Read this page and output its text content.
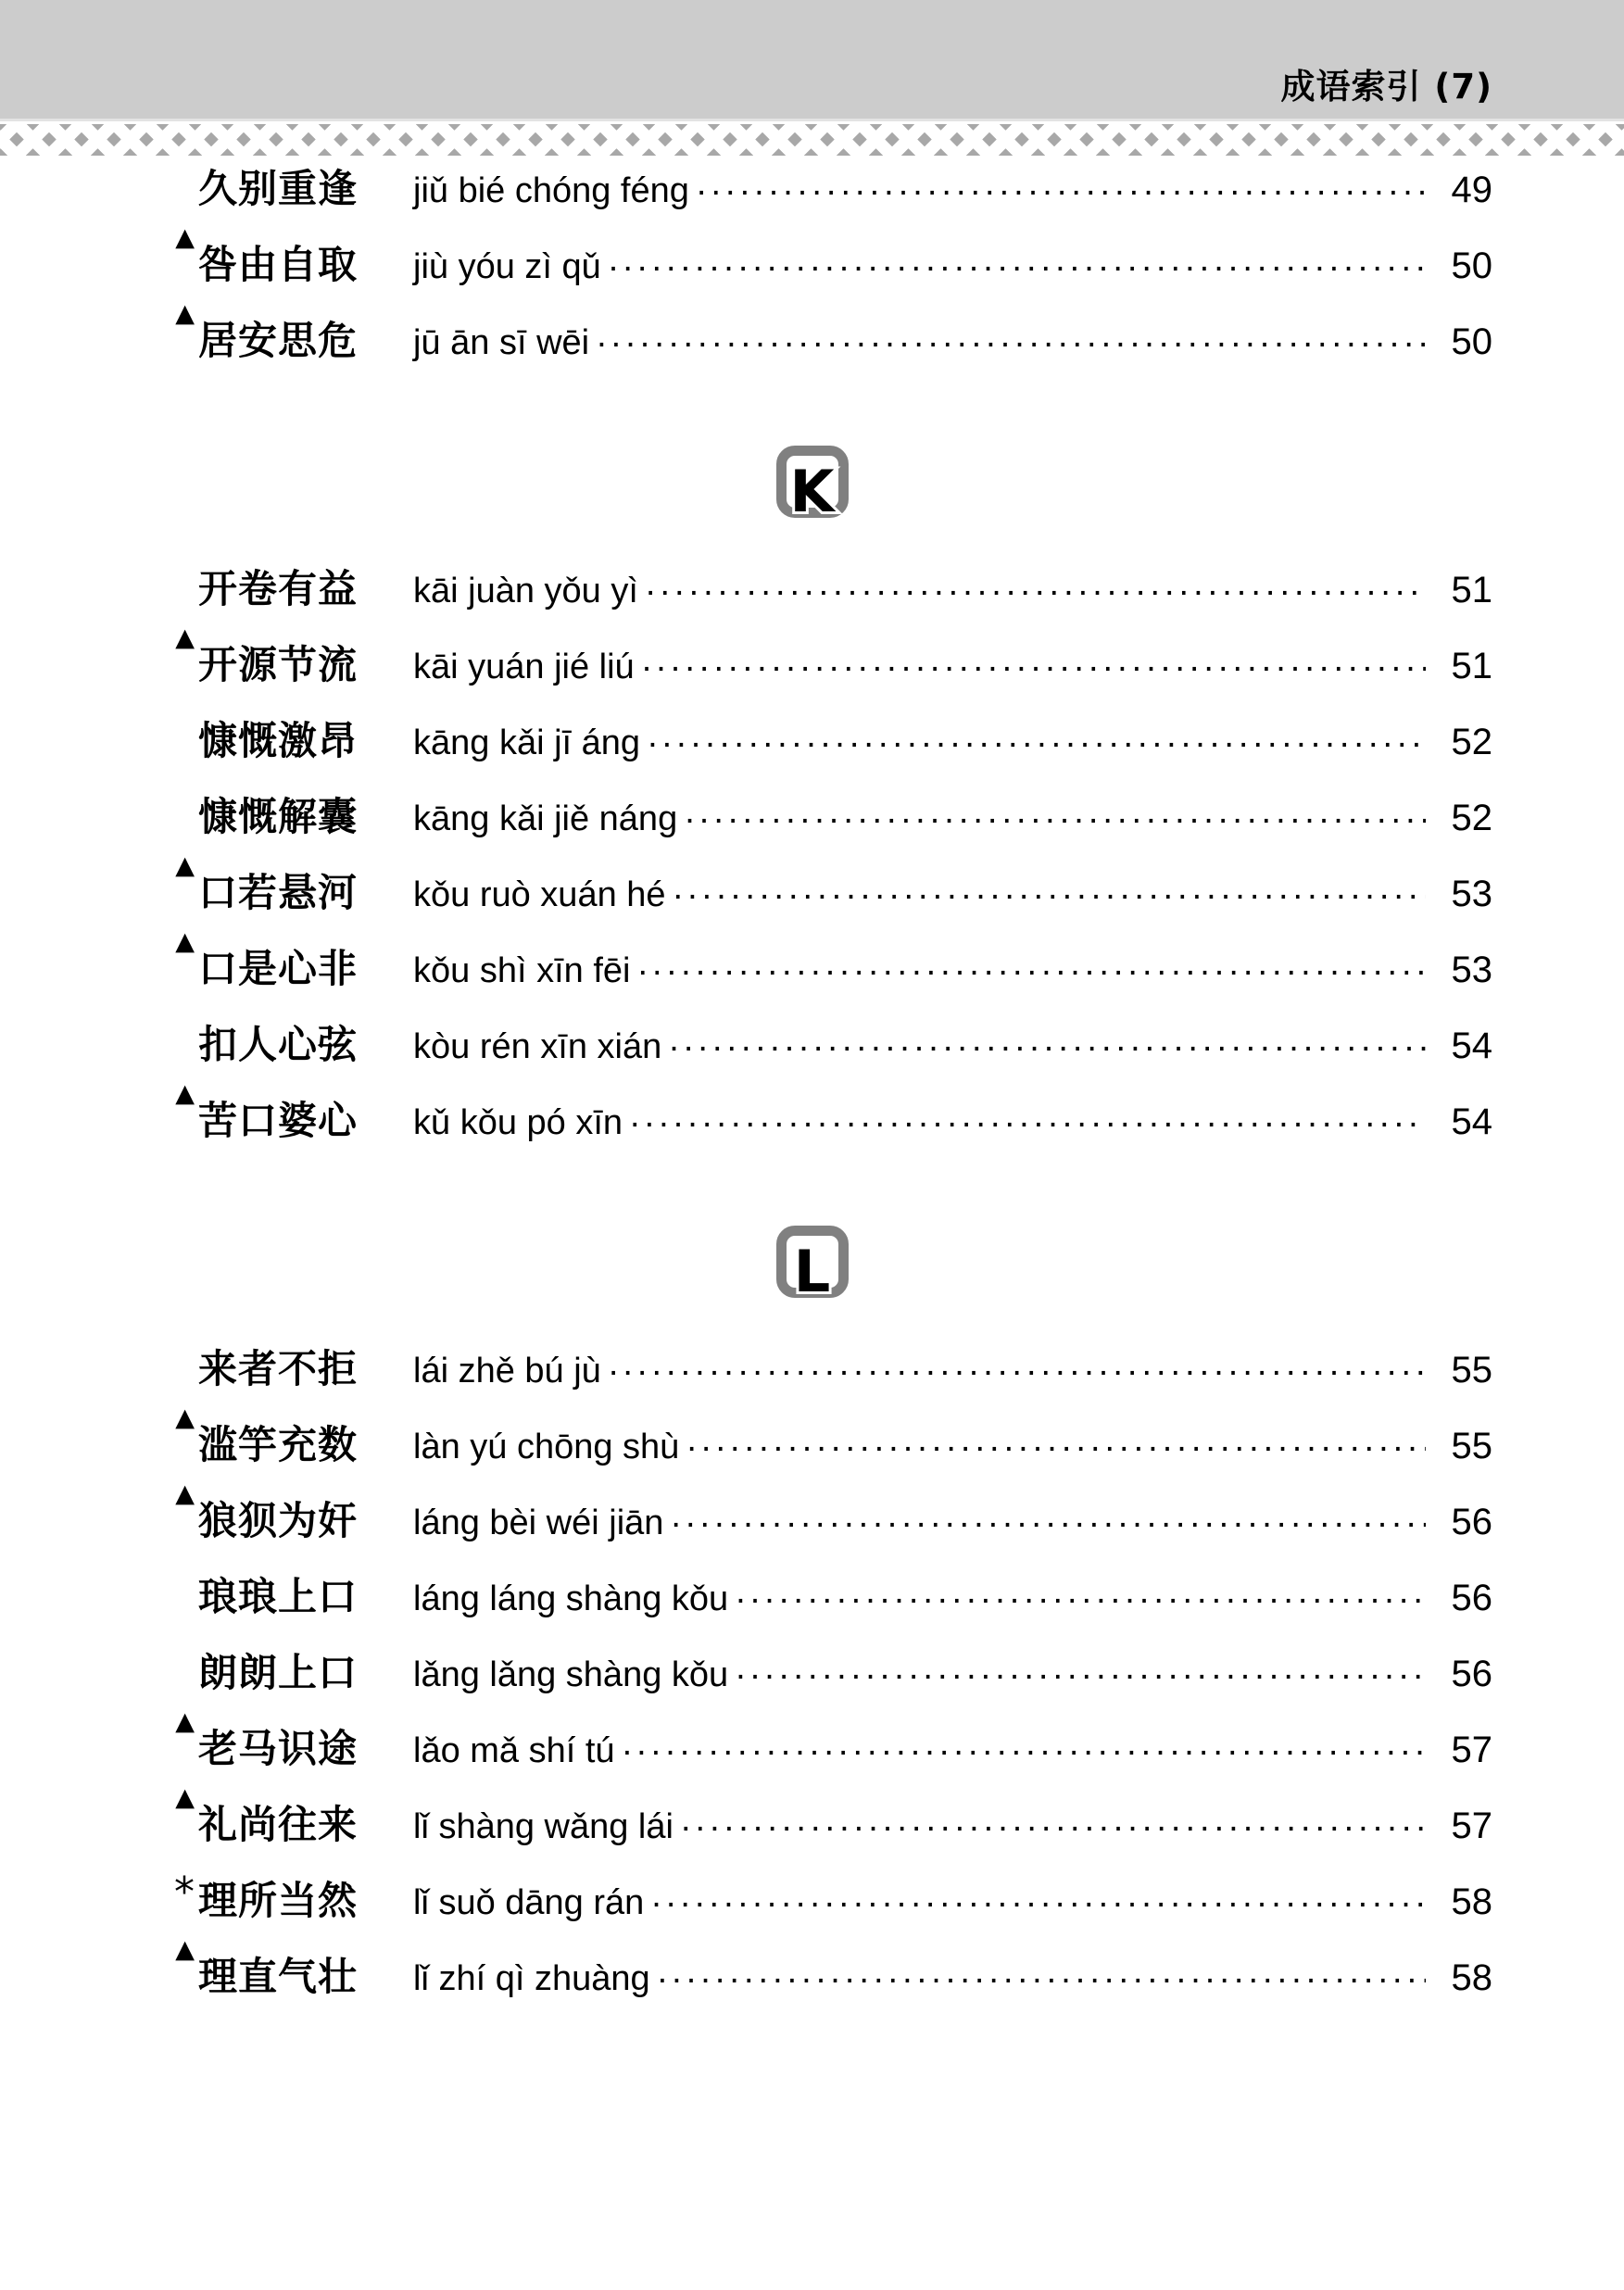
成语索引 (7)
久别重逢	jiǔ bié chóng féng .....	49
▲
咎由自取	jiù yóu zì qǔ .....	50
▲
居安思危	jū ān sī wēi .....	50
K
开卷有益	kāi juàn yǒu yì .....	51
▲
开源节流	kāi yuán jié liú .....	51
慷慨激昂	kāng kǎi jī áng .....	52
慷慨解囊	kāng kǎi jiě náng .....	52
▲
口若悬河	kǒu ruò xuán hé .....	53
▲
口是心非	kǒu shì xīn fēi .....	53
扣人心弦	kòu rén xīn xián .....	54
▲
苦口婆心	kǔ kǒu pó xīn .....	54
L
来者不拒	lái zhě bú jù .....	55
▲
滥竽充数	làn yú chōng shù .....	55
▲
狼狈为奸	láng bèi wéi jiān .....	56
琅琅上口	láng láng shàng kǒu .....	56
朗朗上口	lǎng lǎng shàng kǒu .....	56
▲
老马识途	lǎo mǎ shí tú .....	57
▲
礼尚往来	lǐ shàng wǎng lái .....	57
* 理所当然	lǐ suǒ dāng rán .....	58
▲
理直气壮	lǐ zhí qì zhuàng .....	58
